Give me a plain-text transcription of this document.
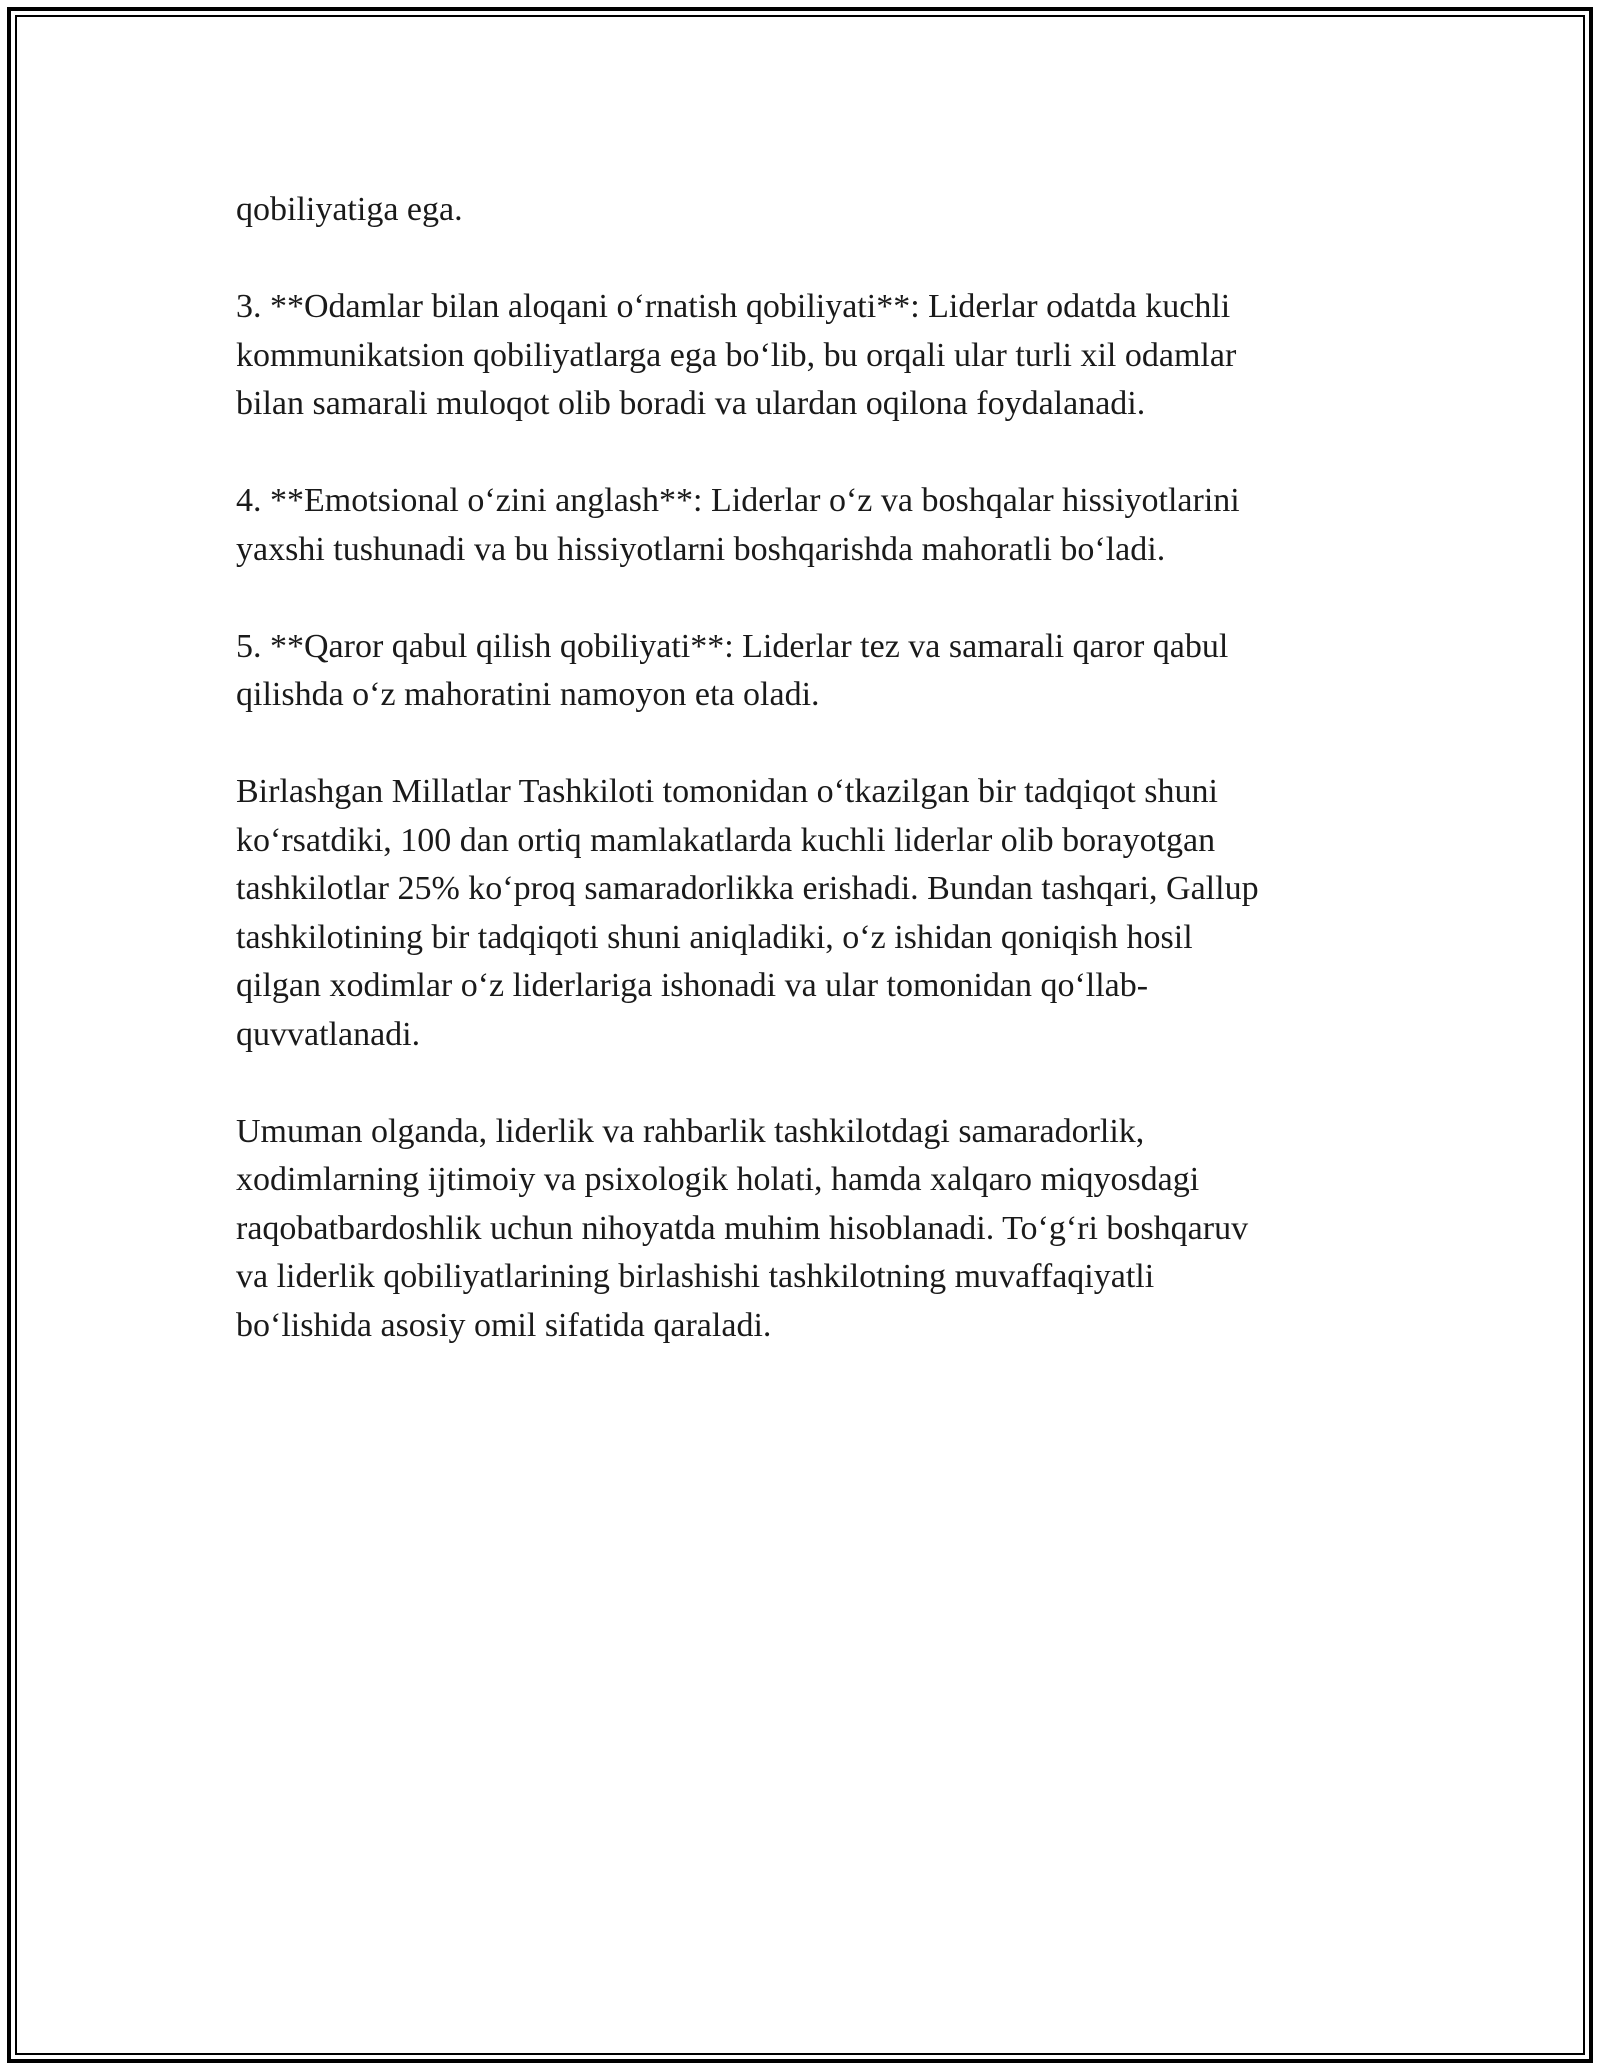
qobiliyatiga ega.

3. **Odamlar bilan aloqani o‘rnatish qobiliyati**: Liderlar odatda kuchli
kommunikatsion qobiliyatlarga ega bo‘lib, bu orqali ular turli xil odamlar
bilan samarali muloqot olib boradi va ulardan oqilona foydalanadi.

4. **Emotsional o‘zini anglash**: Liderlar o‘z va boshqalar hissiyotlarini
yaxshi tushunadi va bu hissiyotlarni boshqarishda mahoratli bo‘ladi.

5. **Qaror qabul qilish qobiliyati**: Liderlar tez va samarali qaror qabul
qilishda o‘z mahoratini namoyon eta oladi.

Birlashgan Millatlar Tashkiloti tomonidan o‘tkazilgan bir tadqiqot shuni
ko‘rsatdiki, 100 dan ortiq mamlakatlarda kuchli liderlar olib borayotgan
tashkilotlar 25% ko‘proq samaradorlikka erishadi. Bundan tashqari, Gallup
tashkilotining bir tadqiqoti shuni aniqladiki, o‘z ishidan qoniqish hosil
qilgan xodimlar o‘z liderlariga ishonadi va ular tomonidan qo‘llab-
quvvatlanadi.

Umuman olganda, liderlik va rahbarlik tashkilotdagi samaradorlik,
xodimlarning ijtimoiy va psixologik holati, hamda xalqaro miqyosdagi
raqobatbardoshlik uchun nihoyatda muhim hisoblanadi. To‘g‘ri boshqaruv
va liderlik qobiliyatlarining birlashishi tashkilotning muvaffaqiyatli
bo‘lishida asosiy omil sifatida qaraladi.
